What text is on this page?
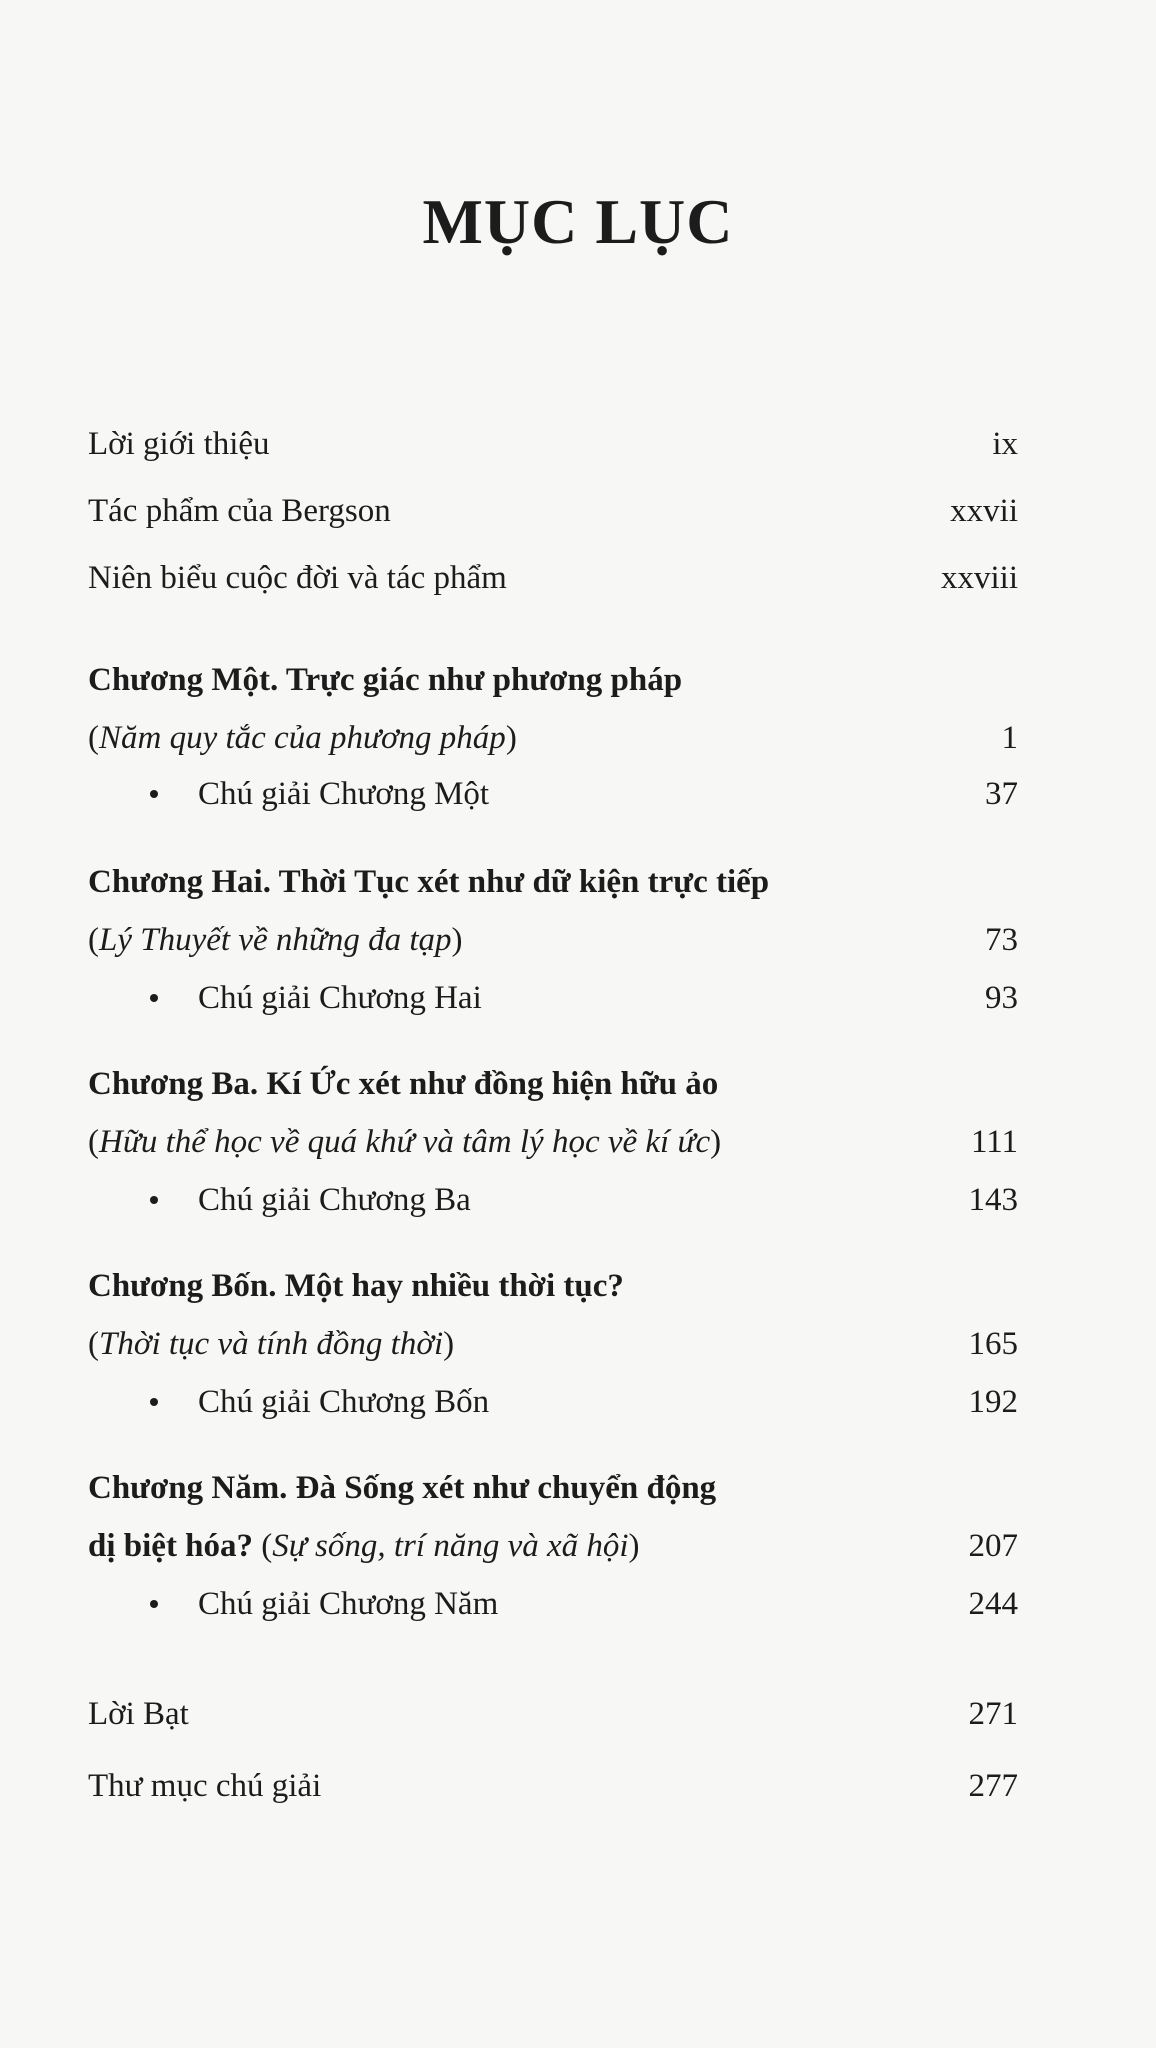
MỤC LỤC
Lời giới thiệu	ix
Tác phẩm của Bergson	xxvii
Niên biểu cuộc đời và tác phẩm	xxviii
Chương Một. Trực giác như phương pháp
(Năm quy tắc của phương pháp)	1
Chú giải Chương Một	37
Chương Hai. Thời Tục xét như dữ kiện trực tiếp
(Lý Thuyết về những đa tạp)	73
Chú giải Chương Hai	93
Chương Ba. Kí Ức xét như đồng hiện hữu ảo
(Hữu thể học về quá khứ và tâm lý học về kí ức)	111
Chú giải Chương Ba	143
Chương Bốn. Một hay nhiều thời tục?
(Thời tục và tính đồng thời)	165
Chú giải Chương Bốn	192
Chương Năm. Đà Sống xét như chuyển động
dị biệt hóa? (Sự sống, trí năng và xã hội)	207
Chú giải Chương Năm	244
Lời Bạt	271
Thư mục chú giải	277
